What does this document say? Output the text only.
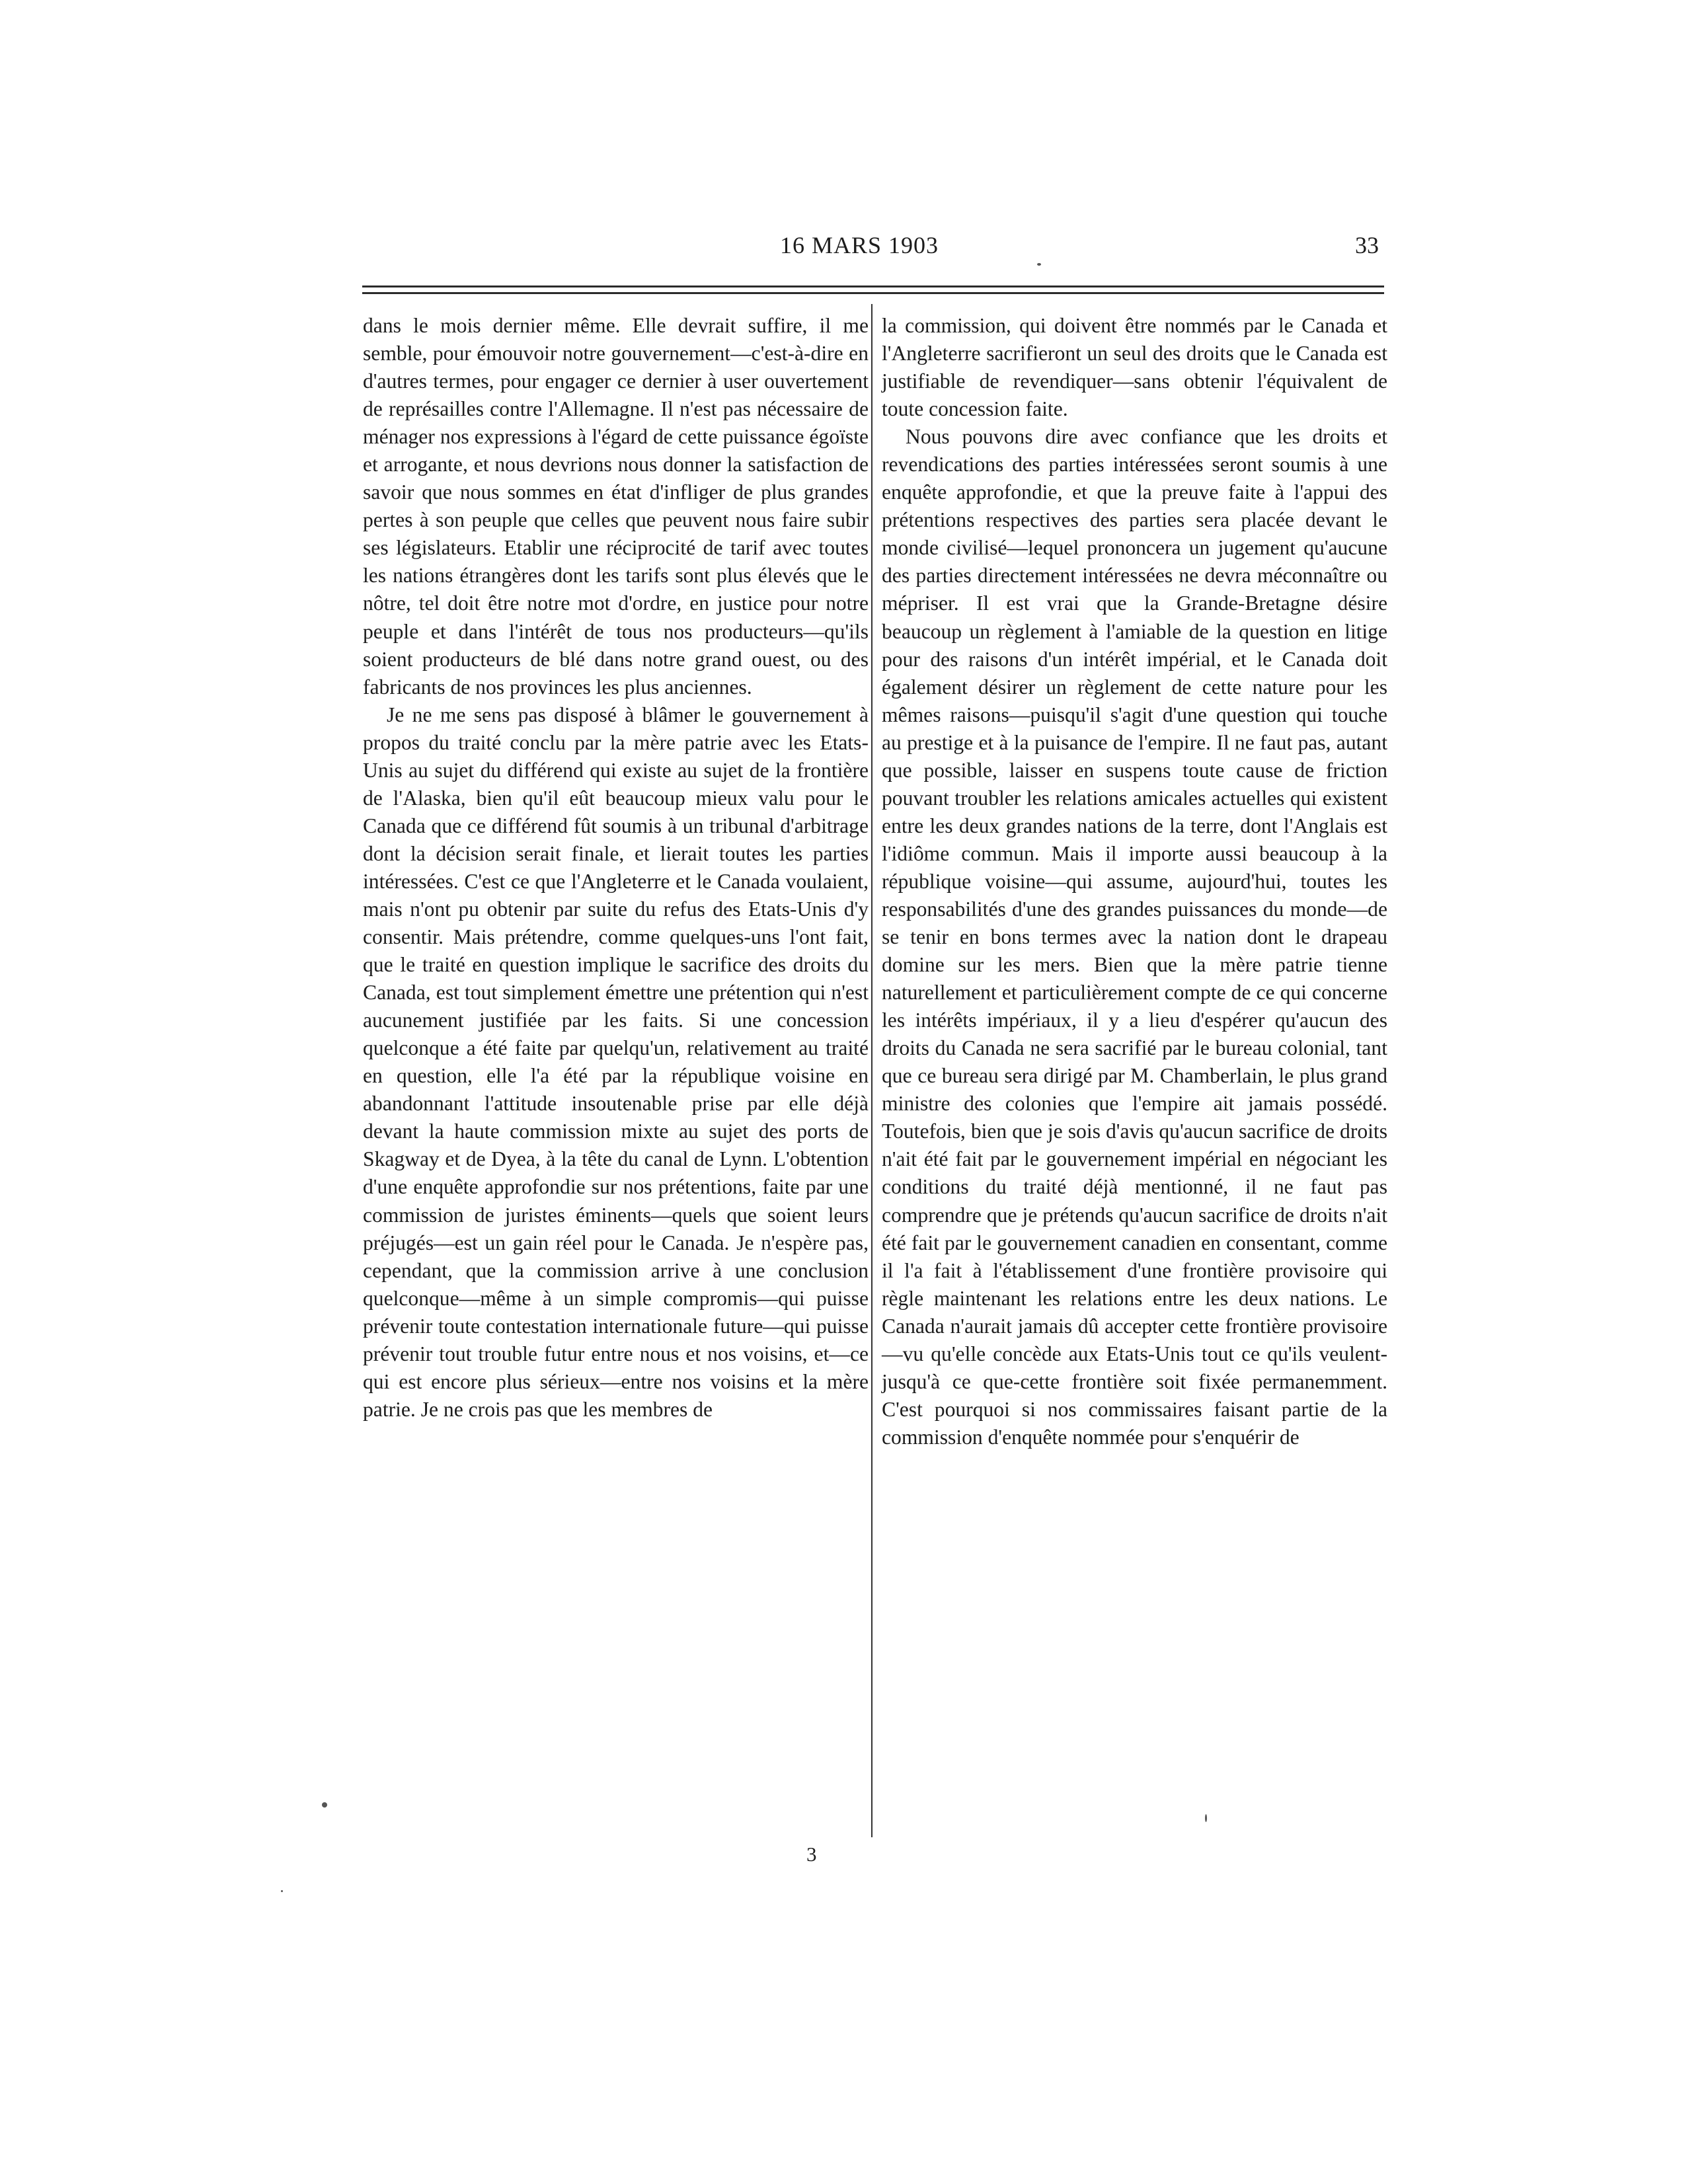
16 MARS 1903	33

dans le mois dernier même. Elle devrait suffire, il me semble, pour émouvoir notre gouvernement—c'est-à-dire en d'autres termes, pour engager ce dernier à user ouvertement de représailles contre l'Allemagne. Il n'est pas nécessaire de ménager nos expressions à l'égard de cette puissance égoïste et arrogante, et nous devrions nous donner la satisfaction de savoir que nous sommes en état d'infliger de plus grandes pertes à son peuple que celles que peuvent nous faire subir ses législateurs. Etablir une réciprocité de tarif avec toutes les nations étrangères dont les tarifs sont plus élevés que le nôtre, tel doit être notre mot d'ordre, en justice pour notre peuple et dans l'intérêt de tous nos producteurs—qu'ils soient producteurs de blé dans notre grand ouest, ou des fabricants de nos provinces les plus anciennes.

Je ne me sens pas disposé à blâmer le gouvernement à propos du traité conclu par la mère patrie avec les Etats-Unis au sujet du différend qui existe au sujet de la frontière de l'Alaska, bien qu'il eût beaucoup mieux valu pour le Canada que ce différend fût soumis à un tribunal d'arbitrage dont la décision serait finale, et lierait toutes les parties intéressées. C'est ce que l'Angleterre et le Canada voulaient, mais n'ont pu obtenir par suite du refus des Etats-Unis d'y consentir. Mais prétendre, comme quelques-uns l'ont fait, que le traité en question implique le sacrifice des droits du Canada, est tout simplement émettre une prétention qui n'est aucunement justifiée par les faits. Si une concession quelconque a été faite par quelqu'un, relativement au traité en question, elle l'a été par la république voisine en abandonnant l'attitude insoutenable prise par elle déjà devant la haute commission mixte au sujet des ports de Skagway et de Dyea, à la tête du canal de Lynn. L'obtention d'une enquête approfondie sur nos prétentions, faite par une commission de juristes éminents—quels que soient leurs préjugés—est un gain réel pour le Canada. Je n'espère pas, cependant, que la commission arrive à une conclusion quelconque—même à un simple compromis—qui puisse prévenir toute contestation internationale future—qui puisse prévenir tout trouble futur entre nous et nos voisins, et—ce qui est encore plus sérieux—entre nos voisins et la mère patrie. Je ne crois pas que les membres de

la commission, qui doivent être nommés par le Canada et l'Angleterre sacrifieront un seul des droits que le Canada est justifiable de revendiquer—sans obtenir l'équivalent de toute concession faite.

Nous pouvons dire avec confiance que les droits et revendications des parties intéressées seront soumis à une enquête approfondie, et que la preuve faite à l'appui des prétentions respectives des parties sera placée devant le monde civilisé—lequel prononcera un jugement qu'aucune des parties directement intéressées ne devra méconnaître ou mépriser. Il est vrai que la Grande-Bretagne désire beaucoup un règlement à l'amiable de la question en litige pour des raisons d'un intérêt impérial, et le Canada doit également désirer un règlement de cette nature pour les mêmes raisons—puisqu'il s'agit d'une question qui touche au prestige et à la puisance de l'empire. Il ne faut pas, autant que possible, laisser en suspens toute cause de friction pouvant troubler les relations amicales actuelles qui existent entre les deux grandes nations de la terre, dont l'Anglais est l'idiôme commun. Mais il importe aussi beaucoup à la république voisine—qui assume, aujourd'hui, toutes les responsabilités d'une des grandes puissances du monde—de se tenir en bons termes avec la nation dont le drapeau domine sur les mers. Bien que la mère patrie tienne naturellement et particulièrement compte de ce qui concerne les intérêts impériaux, il y a lieu d'espérer qu'aucun des droits du Canada ne sera sacrifié par le bureau colonial, tant que ce bureau sera dirigé par M. Chamberlain, le plus grand ministre des colonies que l'empire ait jamais possédé. Toutefois, bien que je sois d'avis qu'aucun sacrifice de droits n'ait été fait par le gouvernement impérial en négociant les conditions du traité déjà mentionné, il ne faut pas comprendre que je prétends qu'aucun sacrifice de droits n'ait été fait par le gouvernement canadien en consentant, comme il l'a fait à l'établissement d'une frontière provisoire qui règle maintenant les relations entre les deux nations. Le Canada n'aurait jamais dû accepter cette frontière provisoire—vu qu'elle concède aux Etats-Unis tout ce qu'ils veulent-jusqu'à ce que-cette frontière soit fixée permanemment. C'est pourquoi si nos commissaires faisant partie de la commission d'enquête nommée pour s'enquérir de

3
